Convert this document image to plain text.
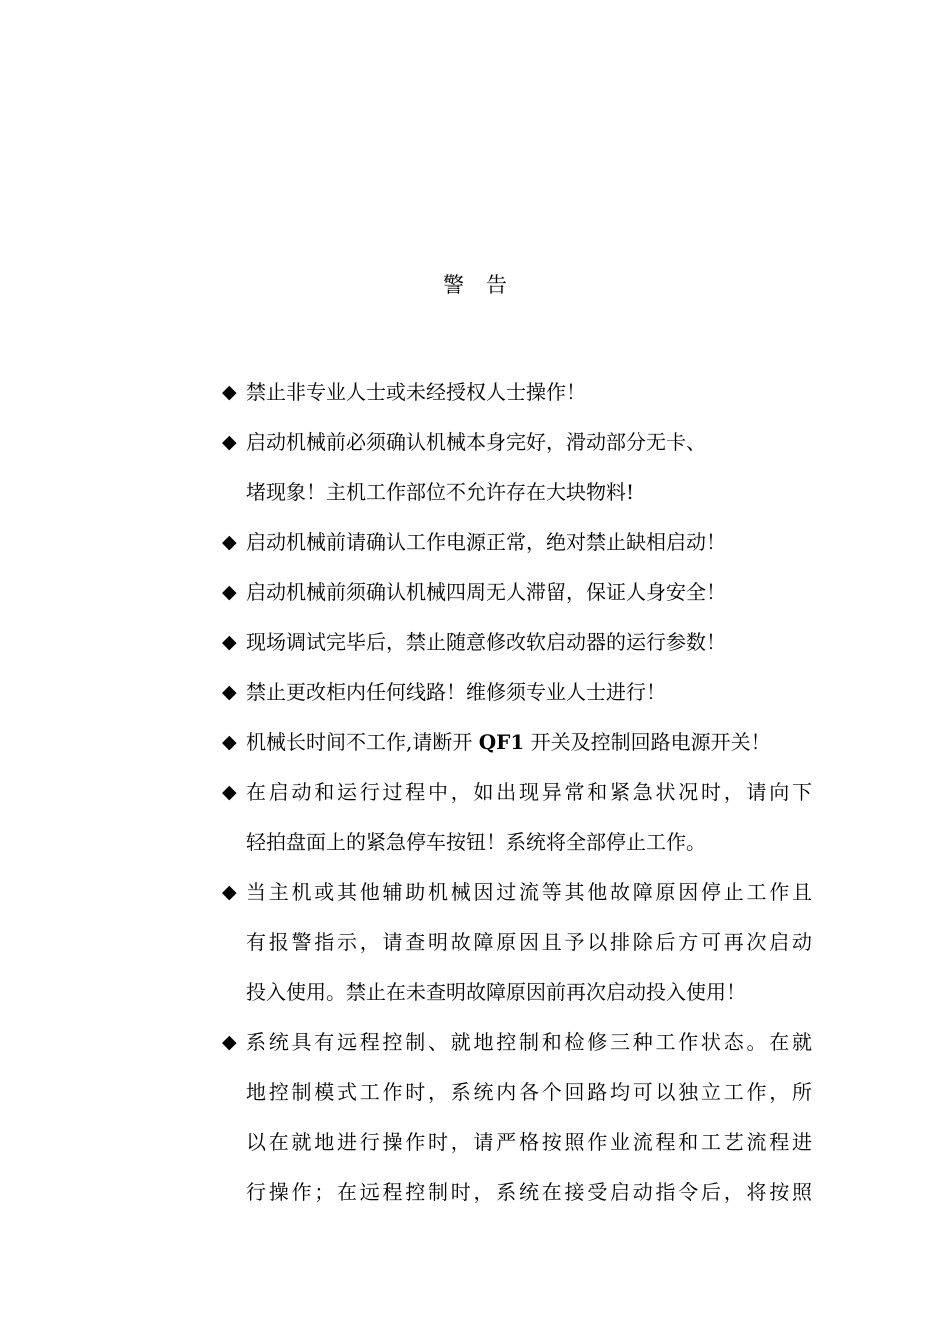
警告
◆ 禁止非专业人士或未经授权人士操作！
◆ 启动机械前必须确认机械本身完好，滑动部分无卡、
堵现象！主机工作部位不允许存在大块物料!
◆ 启动机械前请确认工作电源正常，绝对禁止缺相启动！
◆ 启动机械前须确认机械四周无人滞留，保证人身安全！
◆ 现场调试完毕后，禁止随意修改软启动器的运行参数！
◆ 禁止更改柜内任何线路！维修须专业人士进行！
◆ 机械长时间不工作,请断开 QF1 开关及控制回路电源开关！
◆ 在启动和运行过程中，如出现异常和紧急状况时，请向下
轻拍盘面上的紧急停车按钮！系统将全部停止工作。
◆ 当主机或其他辅助机械因过流等其他故障原因停止工作且
有报警指示，请查明故障原因且予以排除后方可再次启动
投入使用。禁止在未查明故障原因前再次启动投入使用！
◆ 系统具有远程控制、就地控制和检修三种工作状态。在就
地控制模式工作时，系统内各个回路均可以独立工作，所
以在就地进行操作时，请严格按照作业流程和工艺流程进
行操作；在远程控制时，系统在接受启动指令后，将按照
